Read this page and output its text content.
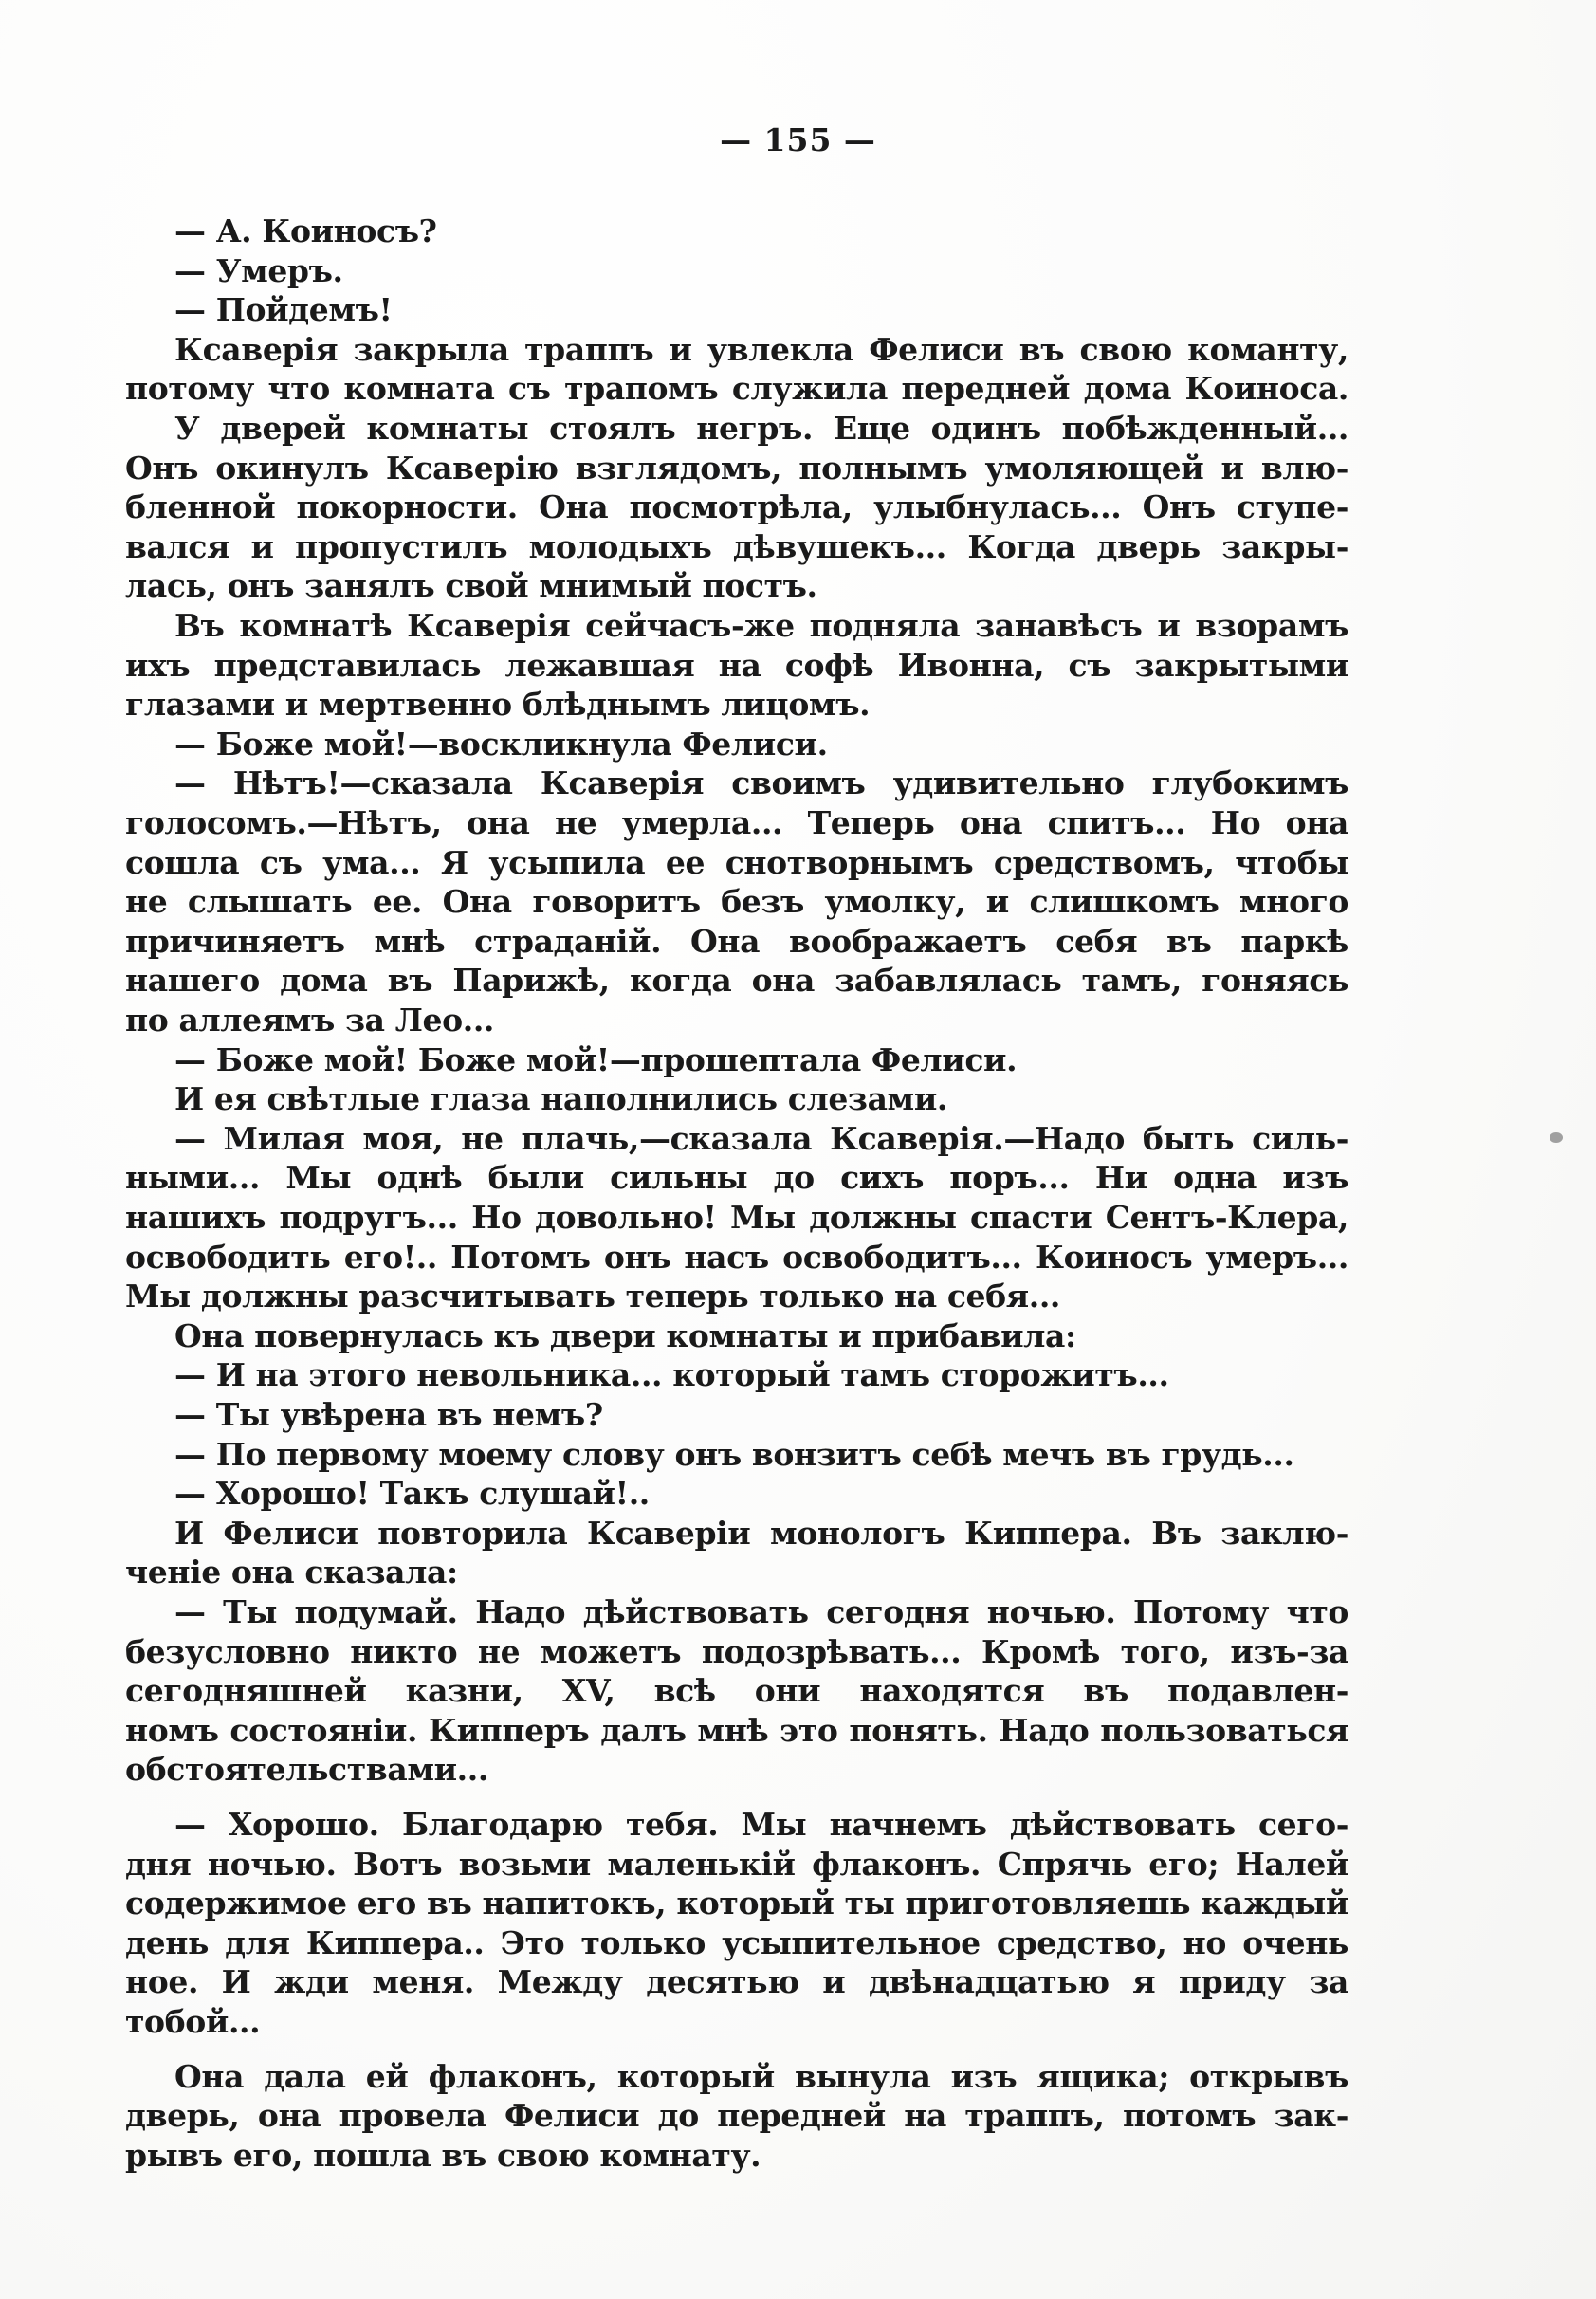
— 155 —
— А. Коиносъ?
— Умеръ.
— Пойдемъ!
Ксаверія закрыла траппъ и увлекла Фелиси въ свою команту,
потому что комната съ трапомъ служила передней дома Коиноса.
У дверей комнаты стоялъ негръ. Еще одинъ побѣжденный...
Онъ окинулъ Ксаверію взглядомъ, полнымъ умоляющей и влю-
бленной покорности. Она посмотрѣла, улыбнулась... Онъ ступе-
вался и пропустилъ молодыхъ дѣвушекъ... Когда дверь закры-
лась, онъ занялъ свой мнимый постъ.
Въ комнатѣ Ксаверія сейчасъ-же подняла занавѣсъ и взорамъ
ихъ представилась лежавшая на софѣ Ивонна, съ закрытыми
глазами и мертвенно блѣднымъ лицомъ.
— Боже мой!—воскликнула Фелиси.
— Нѣтъ!—сказала Ксаверія своимъ удивительно глубокимъ
голосомъ.—Нѣтъ, она не умерла... Теперь она спитъ... Но она
сошла съ ума... Я усыпила ее снотворнымъ средствомъ, чтобы
не слышать ее. Она говоритъ безъ умолку, и слишкомъ много
причиняетъ мнѣ страданій. Она воображаетъ себя въ паркѣ
нашего дома въ Парижѣ, когда она забавлялась тамъ, гоняясь
по аллеямъ за Лео...
— Боже мой! Боже мой!—прошептала Фелиси.
И ея свѣтлые глаза наполнились слезами.
— Милая моя, не плачь,—сказала Ксаверія.—Надо быть силь-
ными... Мы однѣ были сильны до сихъ поръ... Ни одна изъ
нашихъ подругъ... Но довольно! Мы должны спасти Сентъ-Клера,
освободить его!.. Потомъ онъ насъ освободитъ... Коиносъ умеръ...
Мы должны разсчитывать теперь только на себя...
Она повернулась къ двери комнаты и прибавила:
— И на этого невольника... который тамъ сторожитъ...
— Ты увѣрена въ немъ?
— По первому моему слову онъ вонзитъ себѣ мечъ въ грудь...
— Хорошо! Такъ слушай!..
И Фелиси повторила Ксаверіи монологъ Киппера. Въ заклю-
ченіе она сказала:
— Ты подумай. Надо дѣйствовать сегодня ночью. Потому что
безусловно никто не можетъ подозрѣвать... Кромѣ того, изъ-за
сегодняшней казни, XV, всѣ они находятся въ подавлен-
номъ состояніи. Кипперъ далъ мнѣ это понять. Надо пользоваться
обстоятельствами...
— Хорошо. Благодарю тебя. Мы начнемъ дѣйствовать сего-
дня ночью. Вотъ возьми маленькій флаконъ. Спрячь его; Налей
содержимое его въ напитокъ, который ты приготовляешь каждый
день для Киппера.. Это только усыпительное средство, но очень
ное. И жди меня. Между десятью и двѣнадцатью я приду за
тобой...
Она дала ей флаконъ, который вынула изъ ящика; открывъ
дверь, она провела Фелиси до передней на траппъ, потомъ зак-
рывъ его, пошла въ свою комнату.
